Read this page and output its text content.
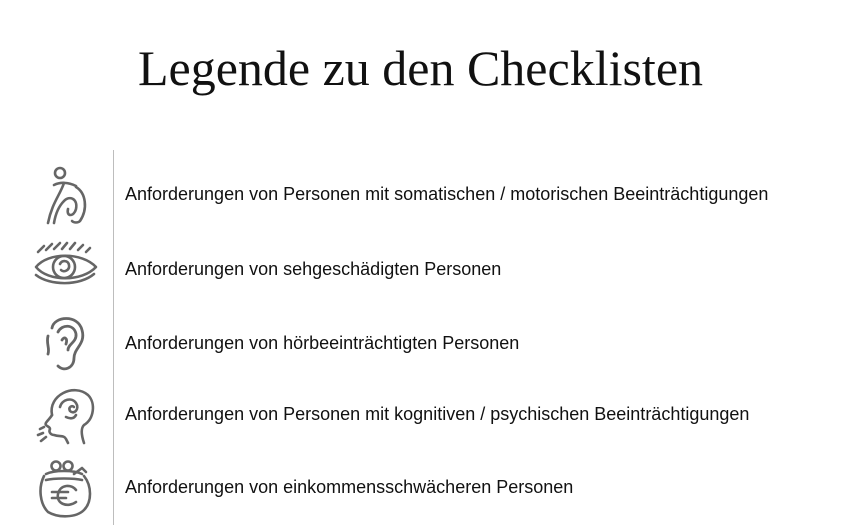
Legende zu den Checklisten
Anforderungen von Personen mit somatischen / motorischen Beeinträchtigungen
Anforderungen von sehgeschädigten Personen
Anforderungen von hörbeeinträchtigten Personen
Anforderungen von Personen mit kognitiven / psychischen Beeinträchtigungen
Anforderungen von einkommensschwächeren Personen
